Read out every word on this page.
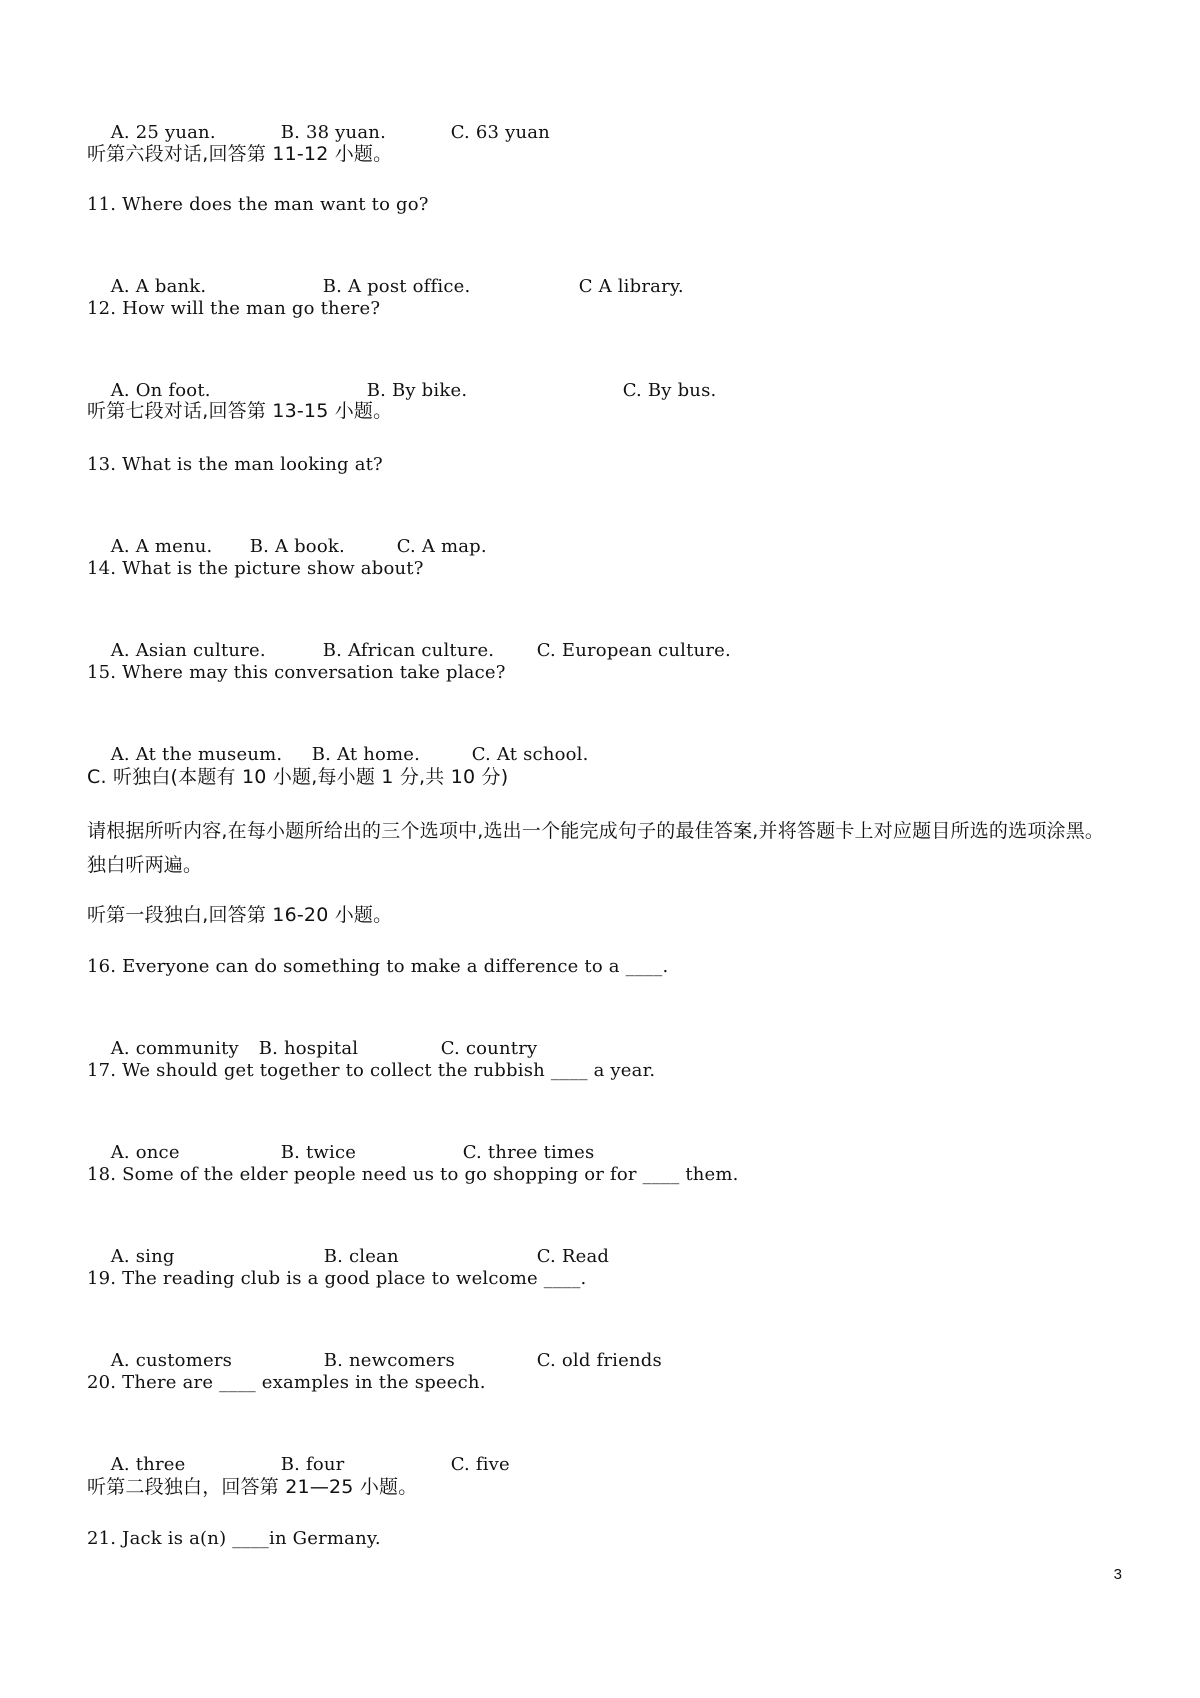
A. 25 yuan.	B. 38 yuan.	C. 63 yuan

听第六段对话,回答第 11-12 小题。
11. Where does the man want to go?

A. A bank.	B. A post office.	C A library.

12. How will the man go there?

A. On foot.	B. By bike.	C. By bus.

听第七段对话,回答第 13-15 小题。
13. What is the man looking at?

A. A menu. B. A book.	C. A map.

14. What is the picture show about?

A. Asian culture.	B. African culture. C. European culture.

15. Where may this conversation take place?

A. At the museum. B. At home.	C. At school.

C. 听独白(本题有 10 小题,每小题 1 分,共 10 分)
请根据所听内容,在每小题所给出的三个选项中,选出一个能完成句子的最佳答案,并将答题卡上对应题目所选的选项涂黑。独白听两遍。
听第一段独白,回答第 16-20 小题。
16. Everyone can do something to make a difference to a ____.

A. community B. hospital	C. country

17. We should get together to collect the rubbish ____ a year.

A. once	B. twice	C. three times

18. Some of the elder people need us to go shopping or for ____ them.

A. sing	B. clean	C. Read

19. The reading club is a good place to welcome ____.

A. customers	B. newcomers	C. old friends

20. There are ____ examples in the speech.

A. three	B. four	C. five

听第二段独白，回答第 21—25 小题。
21. Jack is a(n) ____in Germany.
3
